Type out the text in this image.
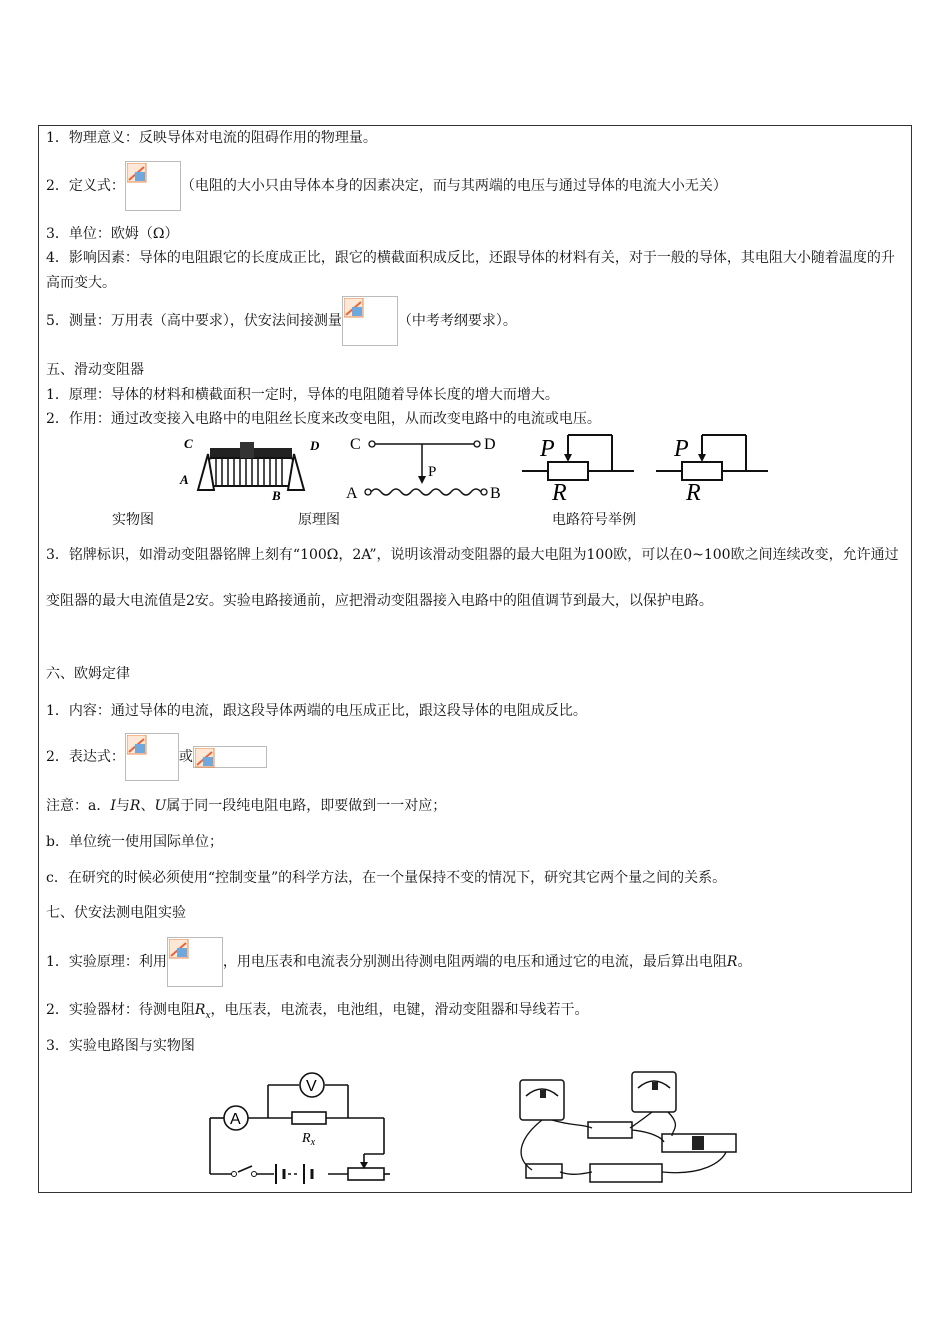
1．物理意义：反映导体对电流的阻碍作用的物理量。
2．定义式：	（电阻的大小只由导体本身的因素决定，而与其两端的电压与通过导体的电流大小无关）
3．单位：欧姆（Ω）
4．影响因素：导体的电阻跟它的长度成正比，跟它的横截面积成反比，还跟导体的材料有关，对于一般的导体，其电阻大小随着温度的升高而变大。
5．测量：万用表（高中要求），伏安法间接测量	（中考考纲要求）。
五、滑动变阻器
1．原理：导体的材料和横截面积一定时，导体的电阻随着导体长度的增大而增大。
2．作用：通过改变接入电路中的电阻丝长度来改变电阻，从而改变电路中的电流或电压。
C	D
A
B
C	D
P
A	B
P
R
P
R
实物图	原理图	电路符号举例
3．铭牌标识，如滑动变阻器铭牌上刻有“100Ω，2A”，说明该滑动变阻器的最大电阻为100欧，可以在0~100欧之间连续改变，允许通过变阻器的最大电流值是2安。实验电路接通前，应把滑动变阻器接入电路中的阻值调节到最大，以保护电路。
六、欧姆定律
1．内容：通过导体的电流，跟这段导体两端的电压成正比，跟这段导体的电阻成反比。
2．表达式：	或
注意：a．I与R、U属于同一段纯电阻电路，即要做到一一对应；
b．单位统一使用国际单位；
c．在研究的时候必须使用“控制变量”的科学方法，在一个量保持不变的情况下，研究其它两个量之间的关系。
七、伏安法测电阻实验
1．实验原理：利用	，用电压表和电流表分别测出待测电阻两端的电压和通过它的电流，最后算出电阻R。
2．实验器材：待测电阻$R_x$，电压表，电流表，电池组，电键，滑动变阻器和导线若干。
3．实验电路图与实物图
V
A
$R_x$
